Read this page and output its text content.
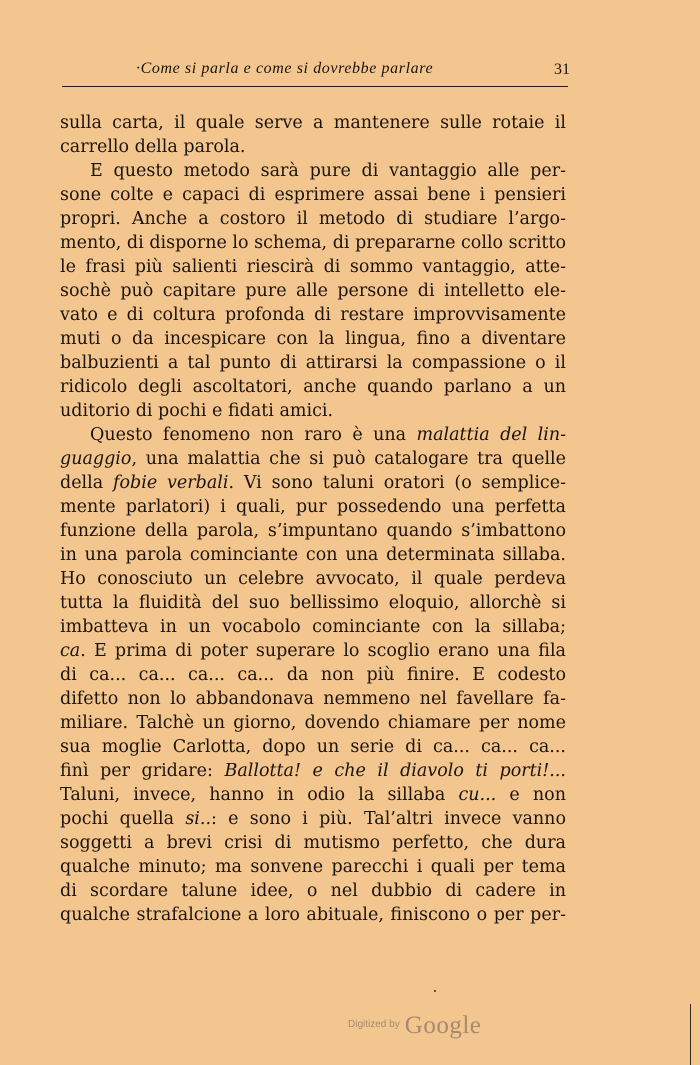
·Come si parla e come si dovrebbe parlare	31
sulla carta, il quale serve a mantenere sulle rotaie il
carrello della parola.
E questo metodo sarà pure di vantaggio alle per-
sone colte e capaci di esprimere assai bene i pensieri
propri. Anche a costoro il metodo di studiare l’argo-
mento, di disporne lo schema, di prepararne collo scritto
le frasi più salienti riescirà di sommo vantaggio, atte-
sochè può capitare pure alle persone di intelletto ele-
vato e di coltura profonda di restare improvvisamente
muti o da incespicare con la lingua, fino a diventare
balbuzienti a tal punto di attirarsi la compassione o il
ridicolo degli ascoltatori, anche quando parlano a un
uditorio di pochi e fidati amici.
Questo fenomeno non raro è una malattia del lin-
guaggio, una malattia che si può catalogare tra quelle
della fobie verbali. Vi sono taluni oratori (o semplice-
mente parlatori) i quali, pur possedendo una perfetta
funzione della parola, s’impuntano quando s’imbattono
in una parola cominciante con una determinata sillaba.
Ho conosciuto un celebre avvocato, il quale perdeva
tutta la fluidità del suo bellissimo eloquio, allorchè si
imbatteva in un vocabolo cominciante con la sillaba;
ca. E prima di poter superare lo scoglio erano una fila
di ca... ca... ca... ca... da non più finire. E codesto
difetto non lo abbandonava nemmeno nel favellare fa-
miliare. Talchè un giorno, dovendo chiamare per nome
sua moglie Carlotta, dopo un serie di ca... ca... ca...
finì per gridare: Ballotta! e che il diavolo ti porti!...
Taluni, invece, hanno in odio la sillaba cu... e non
pochi quella si..: e sono i più. Tal’altri invece vanno
soggetti a brevi crisi di mutismo perfetto, che dura
qualche minuto; ma sonvene parecchi i quali per tema
di scordare talune idee, o nel dubbio di cadere in
qualche strafalcione a loro abituale, finiscono o per per-
$^{Digitized by}$ Google
